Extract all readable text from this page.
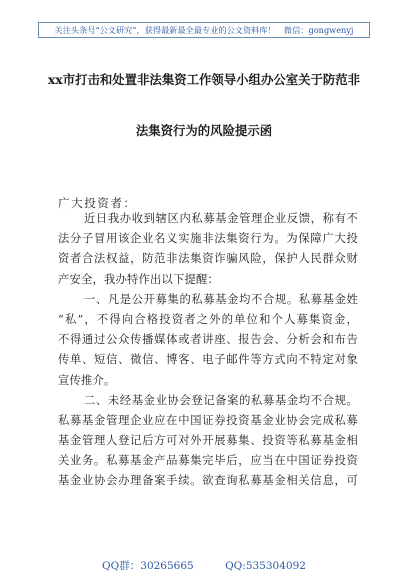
关注头条号“公文研究”，获得最新最全最专业的公文资料库！　微信：gongwenyj
xx市打击和处置非法集资工作领导小组办公室关于防范非
法集资行为的风险提示函
广大投资者：
近日我办收到辖区内私募基金管理企业反馈，称有不
法分子冒用该企业名义实施非法集资行为。为保障广大投
资者合法权益，防范非法集资诈骗风险，保护人民群众财
产安全，我办特作出以下提醒：
一、凡是公开募集的私募基金均不合规。私募基金姓
“私”，不得向合格投资者之外的单位和个人募集资金，
不得通过公众传播媒体或者讲座、报告会、分析会和布告
传单、短信、微信、博客、电子邮件等方式向不特定对象
宣传推介。
二、未经基金业协会登记备案的私募基金均不合规。
私募基金管理企业应在中国证券投资基金业协会完成私募
基金管理人登记后方可对外开展募集、投资等私募基金相
关业务。私募基金产品募集完毕后，应当在中国证券投资
基金业协会办理备案手续。欲查询私募基金相关信息，可
QQ群：30265665	QQ:535304092
